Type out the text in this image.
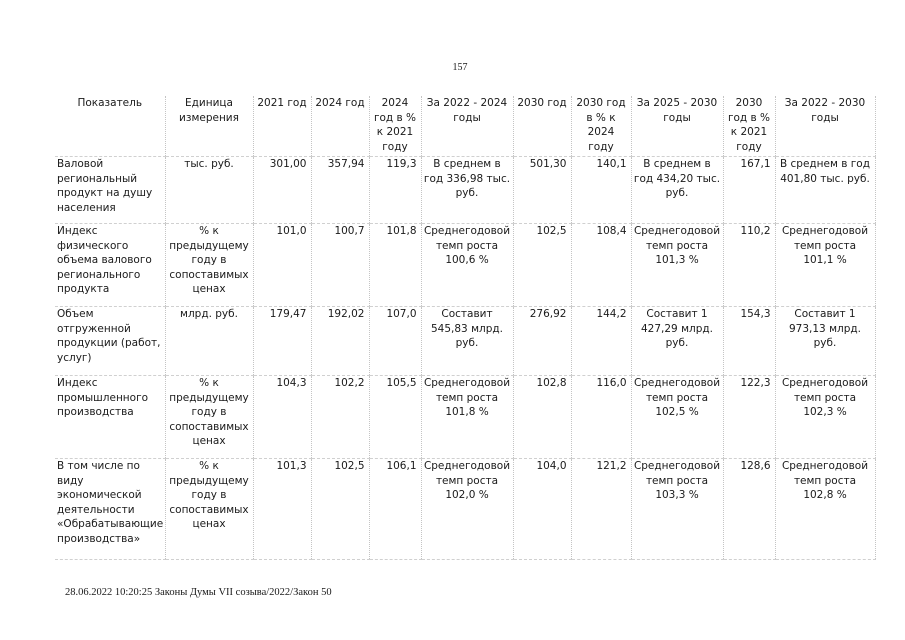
157
Показатель	Единица измерения	2021 год	2024 год	2024 год в % к 2021 году	За 2022 - 2024 годы	2030 год	2030 год в % к 2024 году	За 2025 - 2030 годы	2030 год в % к 2021 году	За 2022 - 2030 годы
Валовой региональный продукт на душу населения	тыс. руб.	301,00	357,94	119,3	В среднем в год 336,98 тыс. руб.	501,30	140,1	В среднем в год 434,20 тыс. руб.	167,1	В среднем в год 401,80 тыс. руб.
Индекс физического объема валового регионального продукта	% к предыдущему году в сопоставимых ценах	101,0	100,7	101,8	Среднегодовой темп роста 100,6 %	102,5	108,4	Среднегодовой темп роста 101,3 %	110,2	Среднегодовой темп роста 101,1 %
Объем отгруженной продукции (работ, услуг)	млрд. руб.	179,47	192,02	107,0	Составит 545,83 млрд. руб.	276,92	144,2	Составит 1 427,29 млрд. руб.	154,3	Составит 1 973,13 млрд. руб.
Индекс промышленного производства	% к предыдущему году в сопоставимых ценах	104,3	102,2	105,5	Среднегодовой темп роста 101,8 %	102,8	116,0	Среднегодовой темп роста 102,5 %	122,3	Среднегодовой темп роста 102,3 %
В том числе по виду экономической деятельности «Обрабатывающие производства»	% к предыдущему году в сопоставимых ценах	101,3	102,5	106,1	Среднегодовой темп роста 102,0 %	104,0	121,2	Среднегодовой темп роста 103,3 %	128,6	Среднегодовой темп роста 102,8 %
28.06.2022 10:20:25 Законы Думы VII созыва/2022/Закон 50
